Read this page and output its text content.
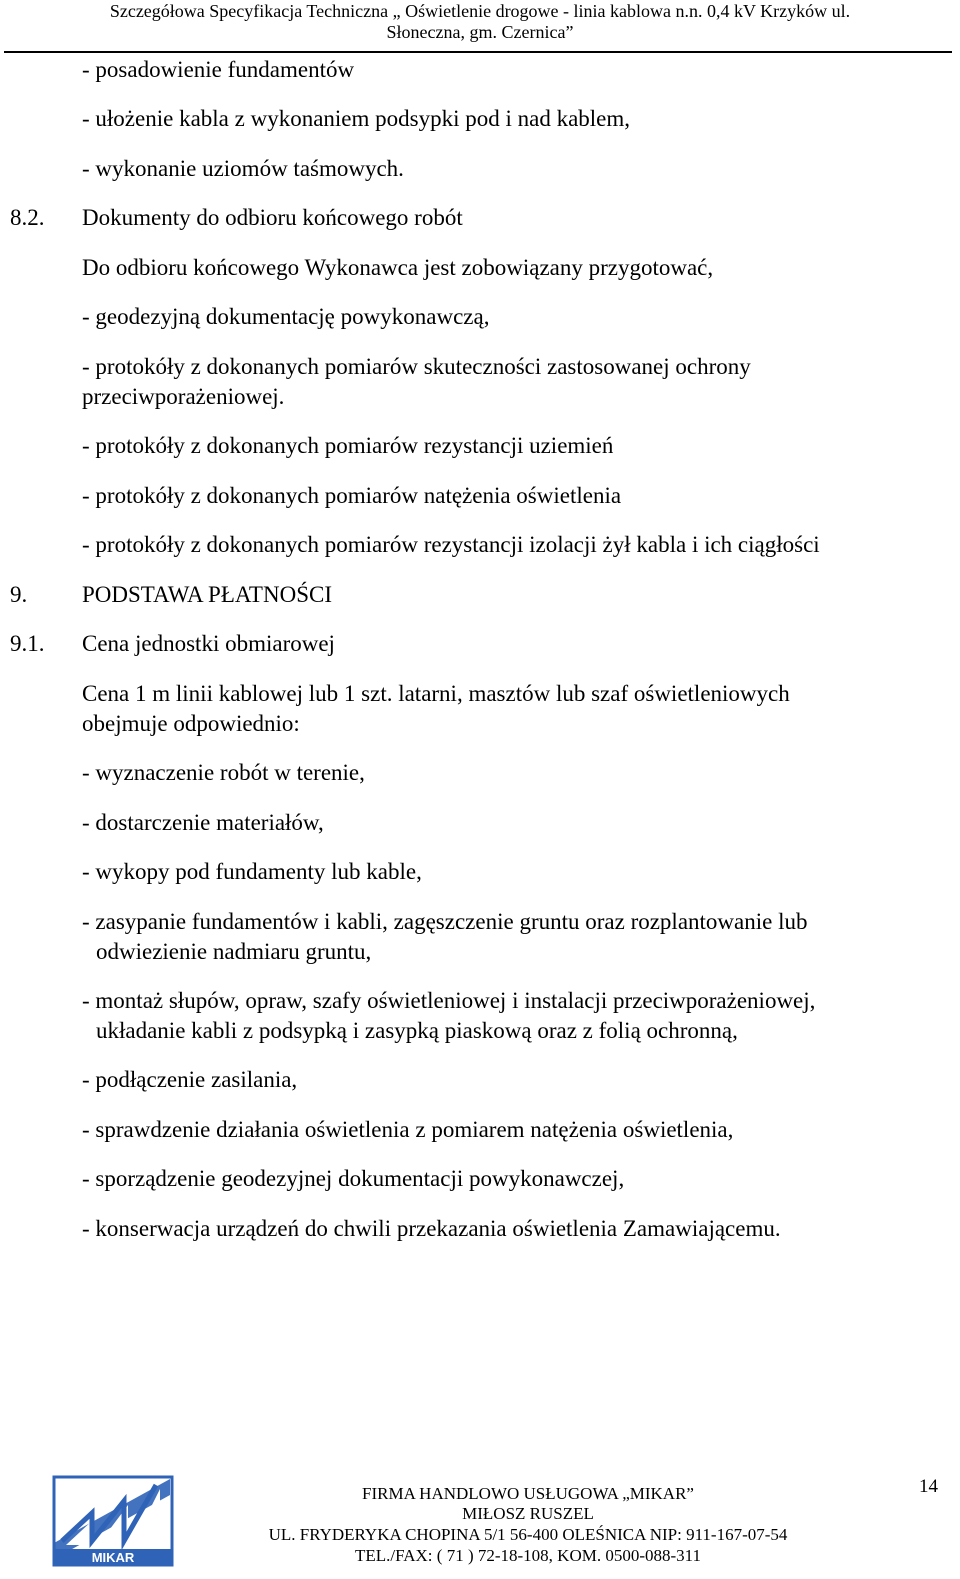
Szczegółowa Specyfikacja Techniczna „ Oświetlenie drogowe - linia kablowa n.n. 0,4 kV Krzyków ul.
Słoneczna, gm. Czernica”
- posadowienie fundamentów
- ułożenie kabla z wykonaniem podsypki pod i nad kablem,
- wykonanie uziomów taśmowych.
8.2. Dokumenty do odbioru końcowego robót
Do odbioru końcowego Wykonawca jest zobowiązany przygotować,
- geodezyjną dokumentację powykonawczą,
- protokóły z dokonanych pomiarów skuteczności zastosowanej ochrony
przeciwporażeniowej.
- protokóły z dokonanych pomiarów rezystancji uziemień
- protokóły z dokonanych pomiarów natężenia oświetlenia
- protokóły z dokonanych pomiarów rezystancji izolacji żył kabla i ich ciągłości
9. PODSTAWA PŁATNOŚCI
9.1. Cena jednostki obmiarowej
Cena 1 m linii kablowej lub 1 szt. latarni, masztów lub szaf oświetleniowych
obejmuje odpowiednio:
- wyznaczenie robót w terenie,
- dostarczenie materiałów,
- wykopy pod fundamenty lub kable,
- zasypanie fundamentów i kabli, zagęszczenie gruntu oraz rozplantowanie lub
odwiezienie nadmiaru gruntu,
- montaż słupów, opraw, szafy oświetleniowej i instalacji przeciwporażeniowej,
układanie kabli z podsypką i zasypką piaskową oraz z folią ochronną,
- podłączenie zasilania,
- sprawdzenie działania oświetlenia z pomiarem natężenia oświetlenia,
- sporządzenie geodezyjnej dokumentacji powykonawczej,
- konserwacja urządzeń do chwili przekazania oświetlenia Zamawiającemu.
MIKAR
FIRMA HANDLOWO USŁUGOWA „MIKAR”
MIŁOSZ RUSZEL
UL. FRYDERYKA CHOPINA 5/1 56-400 OLEŚNICA NIP: 911-167-07-54
TEL./FAX: ( 71 ) 72-18-108, KOM. 0500-088-311
14
